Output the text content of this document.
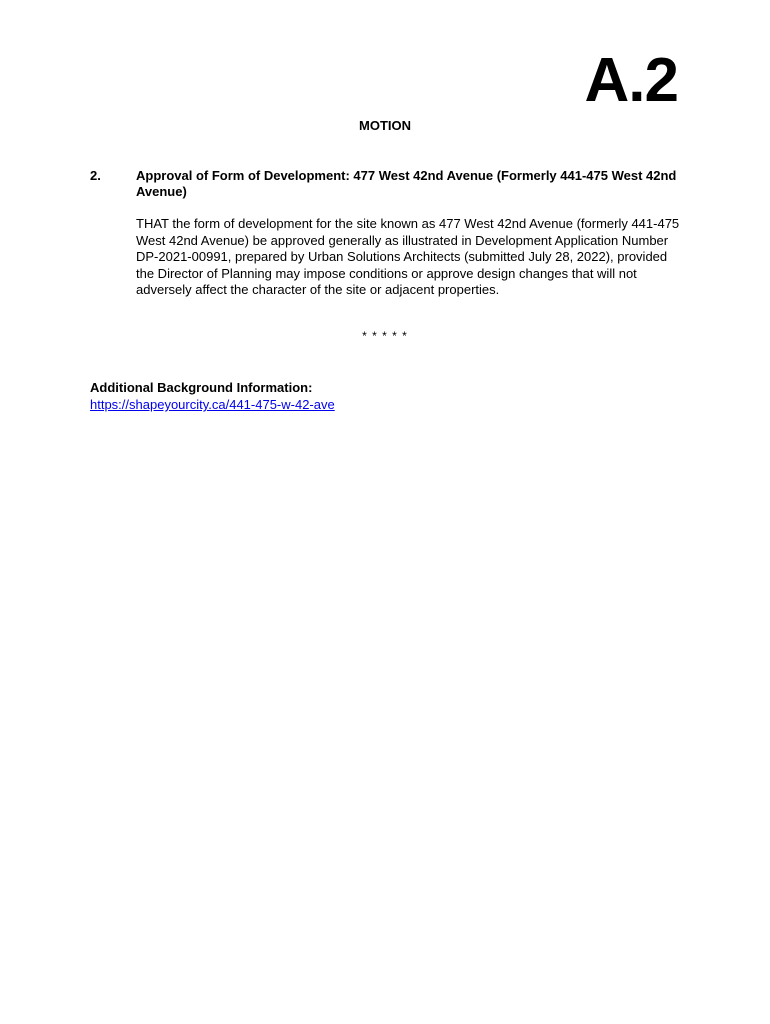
A.2
MOTION
2.	Approval of Form of Development: 477 West 42nd Avenue (Formerly 441-475 West 42nd Avenue)
THAT the form of development for the site known as 477 West 42nd Avenue (formerly 441-475 West 42nd Avenue) be approved generally as illustrated in Development Application Number DP-2021-00991, prepared by Urban Solutions Architects (submitted July 28, 2022), provided the Director of Planning may impose conditions or approve design changes that will not adversely affect the character of the site or adjacent properties.
* * * * *
Additional Background Information:
https://shapeyourcity.ca/441-475-w-42-ave
